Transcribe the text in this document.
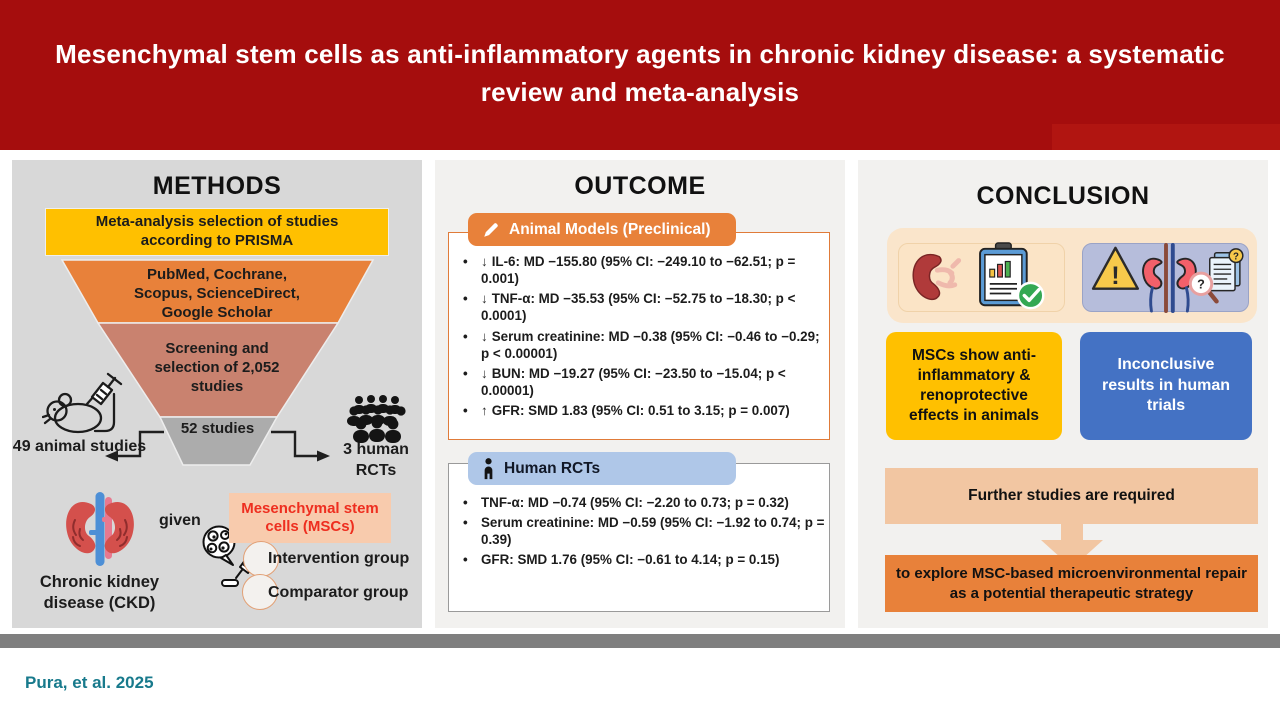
Mesenchymal stem cells as anti-inflammatory agents in chronic kidney disease: a systematic review and meta-analysis
METHODS
Meta-analysis selection of studies according to PRISMA
PubMed, Cochrane, Scopus, ScienceDirect, Google Scholar
Screening and selection of 2,052 studies
52 studies
49 animal studies	3 human RCTs
Chronic kidney disease (CKD)
given
Mesenchymal stem cells (MSCs)
Intervention group
Comparator group
OUTCOME
Animal Models (Preclinical)
• ↓ IL-6: MD −155.80 (95% CI: −249.10 to −62.51; p = 0.001)
• ↓ TNF-α: MD −35.53 (95% CI: −52.75 to −18.30; p < 0.0001)
• ↓ Serum creatinine: MD −0.38 (95% CI: −0.46 to −0.29; p < 0.00001)
• ↓ BUN: MD −19.27 (95% CI: −23.50 to −15.04; p < 0.00001)
• ↑ GFR: SMD 1.83 (95% CI: 0.51 to 3.15; p = 0.007)
Human RCTs
• TNF-α: MD −0.74 (95% CI: −2.20 to 0.73; p = 0.32)
• Serum creatinine: MD −0.59 (95% CI: −1.92 to 0.74; p = 0.39)
• GFR: SMD 1.76 (95% CI: −0.61 to 4.14; p = 0.15)
CONCLUSION
!
?
?
MSCs show anti-inflammatory & renoprotective effects in animals
Inconclusive results in human trials
Further studies are required
to explore MSC-based microenvironmental repair as a potential therapeutic strategy
Pura, et al. 2025
